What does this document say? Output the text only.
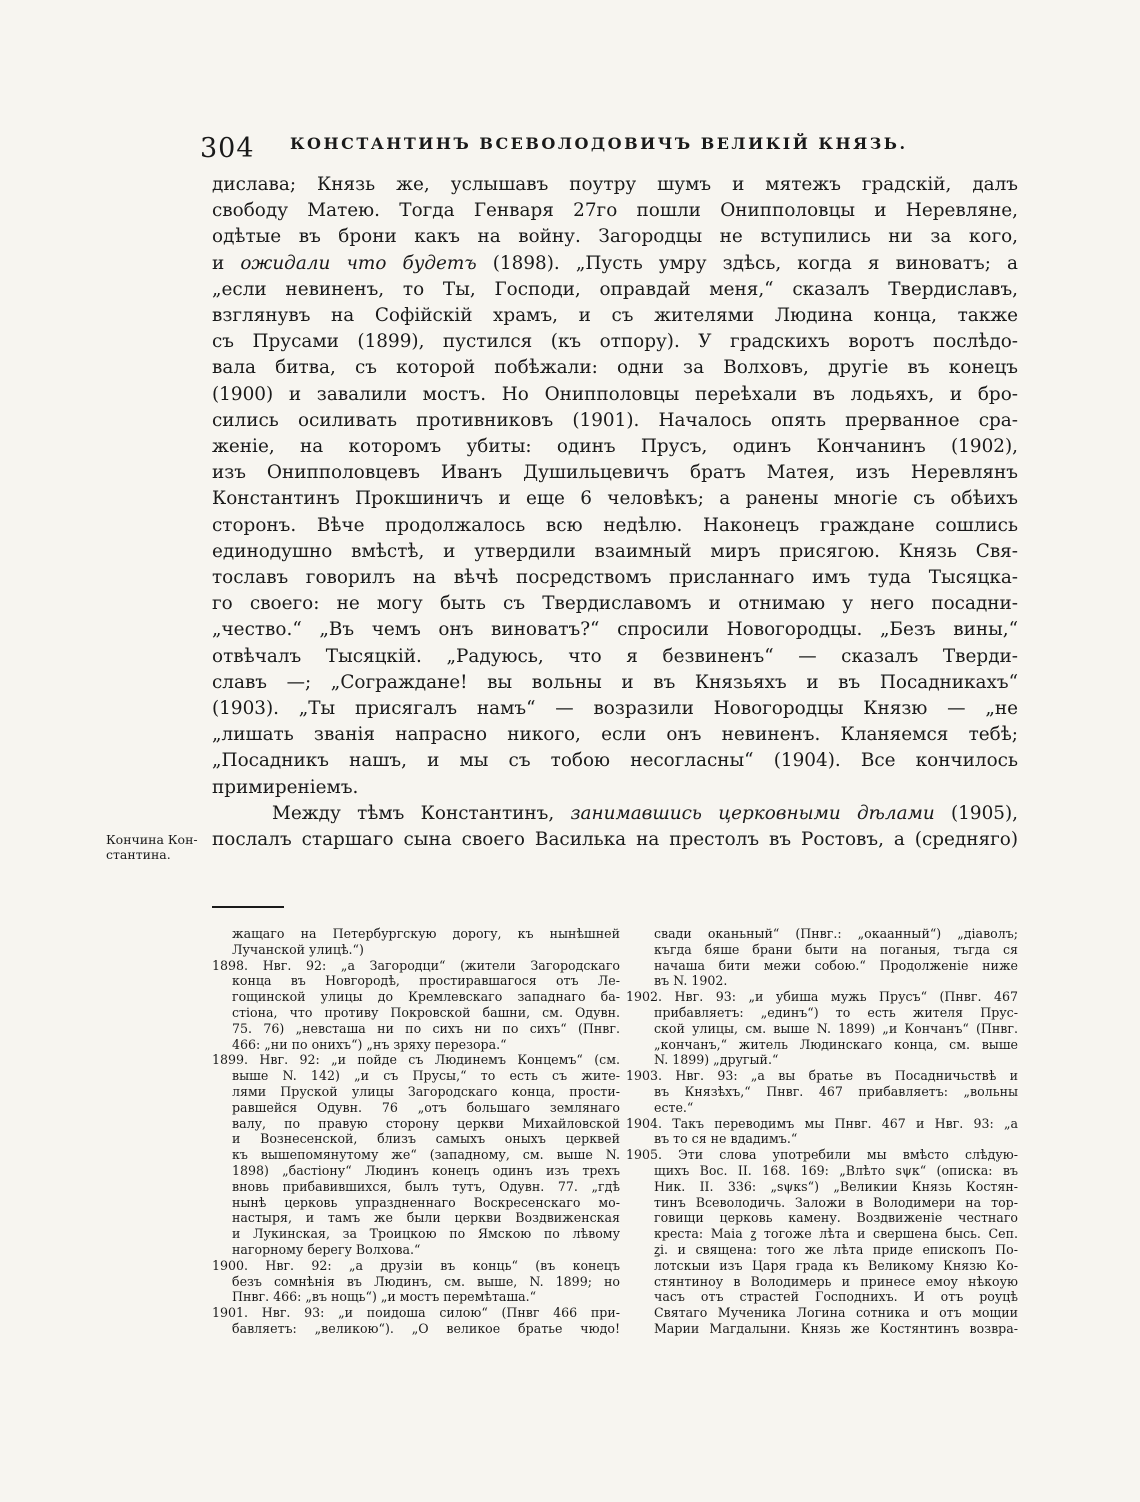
304 КОНСТАНТИНЪ ВСЕВОЛОДОВИЧЪ ВЕЛИКІЙ КНЯЗЬ.
дислава; Князь же, услышавъ поутру шумъ и мятежъ градскій, далъ
свободу Матею. Тогда Генваря 27го пошли Онипполовцы и Неревляне,
одѣтые въ брони какъ на войну. Загородцы не вступились ни за кого,
и ожидали что будетъ (1898). „Пусть умру здѣсь, когда я виноватъ; а
„если невиненъ, то Ты, Господи, оправдай меня,“ сказалъ Твердиславъ,
взглянувъ на Софійскій храмъ, и съ жителями Людина конца, также
съ Прусами (1899), пустился (къ отпору). У градскихъ воротъ послѣдо-
вала битва, съ которой побѣжали: одни за Волховъ, другіе въ конецъ
(1900) и завалили мостъ. Но Онипполовцы переѣхали въ лодьяхъ, и бро-
сились осиливать противниковъ (1901). Началось опять прерванное сра-
женіе, на которомъ убиты: одинъ Прусъ, одинъ Кончанинъ (1902),
изъ Онипполовцевъ Иванъ Душильцевичъ братъ Матея, изъ Неревлянъ
Константинъ Прокшиничъ и еще 6 человѣкъ; а ранены многіе съ обѣихъ
сторонъ. Вѣче продолжалось всю недѣлю. Наконецъ граждане сошлись
единодушно вмѣстѣ, и утвердили взаимный миръ присягою. Князь Свя-
тославъ говорилъ на вѣчѣ посредствомъ присланнаго имъ туда Тысяцка-
го своего: не могу быть съ Твердиславомъ и отнимаю у него посадни-
„чество.“ „Въ чемъ онъ виноватъ?“ спросили Новогородцы. „Безъ вины,“
отвѣчалъ Тысяцкій. „Радуюсь, что я безвиненъ“ — сказалъ Тверди-
славъ —; „Сограждане! вы вольны и въ Князьяхъ и въ Посадникахъ“
(1903). „Ты присягалъ намъ“ — возразили Новогородцы Князю — „не
„лишать званія напрасно никого, если онъ невиненъ. Кланяемся тебѣ;
„Посадникъ нашъ, и мы съ тобою несогласны“ (1904). Все кончилось
примиреніемъ.
Между тѣмъ Константинъ, занимавшись церковными дѣлами (1905),
послалъ старшаго сына своего Василька на престолъ въ Ростовъ, а (средняго)
Кончина Кон-
стантина.
жащаго на Петербургскую дорогу, къ нынѣшней
Лучанской улицѣ.“)
1898. Нвг. 92: „а Загородци“ (жители Загородскаго
конца въ Новгородѣ, простиравшагося отъ Ле-
гощинской улицы до Кремлевскаго западнаго ба-
стіона, что противу Покровской башни, см. Одувн.
75. 76) „невсташа ни по сихъ ни по сихъ“ (Пнвг.
466: „ни по онихъ“) „нъ зряху перезора.“
1899. Нвг. 92: „и пойде съ Людинемъ Концемъ“ (см.
выше N. 142) „и съ Прусы,“ то есть съ жите-
лями Пруской улицы Загородскаго конца, прости-
равшейся Одувн. 76 „отъ большаго землянаго
валу, по правую сторону церкви Михайловской
и Вознесенской, близъ самыхъ оныхъ церквей
къ вышепомянутому же“ (западному, см. выше N.
1898) „бастіону“ Людинъ конецъ одинъ изъ трехъ
вновь прибавившихся, былъ тутъ, Одувн. 77. „гдѣ
нынѣ церковь упраздненнаго Воскресенскаго мо-
настыря, и тамъ же были церкви Воздвиженская
и Лукинская, за Троицкою по Ямскою по лѣвому
нагорному берегу Волхова.“
1900. Нвг. 92: „а друзіи въ конць“ (въ конецъ
безъ сомнѣнія въ Людинъ, см. выше, N. 1899; но
Пнвг. 466: „въ нощь“) „и мостъ перемѣташа.“
1901. Нвг. 93: „и поидоша силою“ (Пнвг 466 при-
бавляетъ: „великою“). „О великое братье чюдо!
свади оканьный“ (Пнвг.: „окаанный“) „діаволъ;
къгда бяше брани быти на поганыя, тъгда ся
начаша бити межи собою.“ Продолженіе ниже
въ N. 1902.
1902. Нвг. 93: „и убиша мужь Прусъ“ (Пнвг. 467
прибавляетъ: „единъ“) то есть жителя Прус-
ской улицы, см. выше N. 1899) „и Кончанъ“ (Пнвг.
„кончанъ,“ житель Людинскаго конца, см. выше
N. 1899) „другый.“
1903. Нвг. 93: „а вы братье въ Посадничьствѣ и
въ Князѣхъ,“ Пнвг. 467 прибавляетъ: „вольны
есте.“
1904. Такъ переводимъ мы Пнвг. 467 и Нвг. 93: „а
въ то ся не вдадимъ.“
1905. Эти слова употребили мы вмѣсто слѣдую-
щихъ Вос. II. 168. 169: „Влѣто ѕψк“ (описка: въ
Ник. II. 336: „ѕψкѕ“) „Великии Князь Костян-
тинъ Всеволодичь. Заложи в Володимери на тор-
говищи церковь камену. Воздвиженіе честнаго
креста: Маіа ꙁ тогоже лѣта и свершена бысь. Сеп.
ꙁі. и священа: того же лѣта приде епископъ По-
лотскыи изъ Царя града къ Великому Князю Ко-
стянтиноу в Володимерь и принесе емоу нѣкоую
часъ отъ страстей Господнихъ. И отъ роуцѣ
Святаго Мученика Логина сотника и отъ мощии
Марии Магдалыни. Князь же Костянтинъ возвра-
